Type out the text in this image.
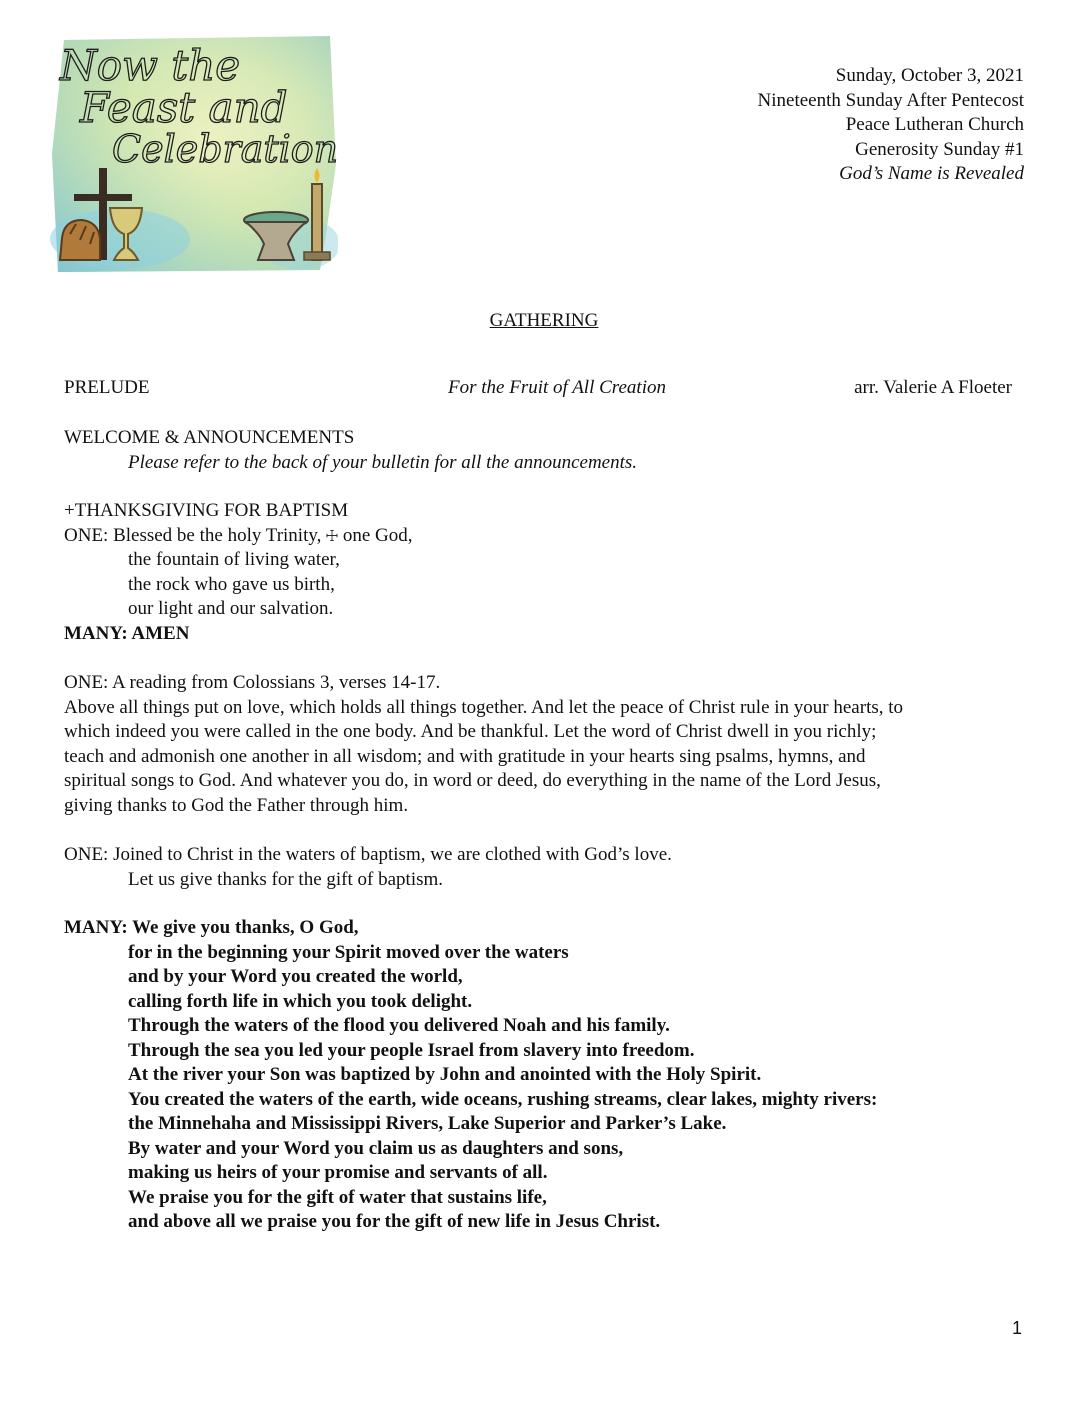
Now the
Feast and
Celebration
Sunday, October 3, 2021
Nineteenth Sunday After Pentecost
Peace Lutheran Church
Generosity Sunday #1
God’s Name is Revealed
GATHERING
PRELUDE	For the Fruit of All Creation	arr. Valerie A Floeter

WELCOME & ANNOUNCEMENTS

Please refer to the back of your bulletin for all the announcements.

+THANKSGIVING FOR BAPTISM

ONE: Blessed be the holy Trinity, ☩ one God,

the fountain of living water,

the rock who gave us birth,

our light and our salvation.

MANY: AMEN

ONE: A reading from Colossians 3, verses 14-17.

Above all things put on love, which holds all things together. And let the peace of Christ rule in your hearts, to

which indeed you were called in the one body. And be thankful. Let the word of Christ dwell in you richly;

teach and admonish one another in all wisdom; and with gratitude in your hearts sing psalms, hymns, and

spiritual songs to God. And whatever you do, in word or deed, do everything in the name of the Lord Jesus,

giving thanks to God the Father through him.

ONE: Joined to Christ in the waters of baptism, we are clothed with God’s love.

Let us give thanks for the gift of baptism.

MANY: We give you thanks, O God,

for in the beginning your Spirit moved over the waters

and by your Word you created the world,

calling forth life in which you took delight.

Through the waters of the flood you delivered Noah and his family.

Through the sea you led your people Israel from slavery into freedom.

At the river your Son was baptized by John and anointed with the Holy Spirit.

You created the waters of the earth, wide oceans, rushing streams, clear lakes, mighty rivers:

the Minnehaha and Mississippi Rivers, Lake Superior and Parker’s Lake.

By water and your Word you claim us as daughters and sons,

making us heirs of your promise and servants of all.

We praise you for the gift of water that sustains life,

and above all we praise you for the gift of new life in Jesus Christ.

1
